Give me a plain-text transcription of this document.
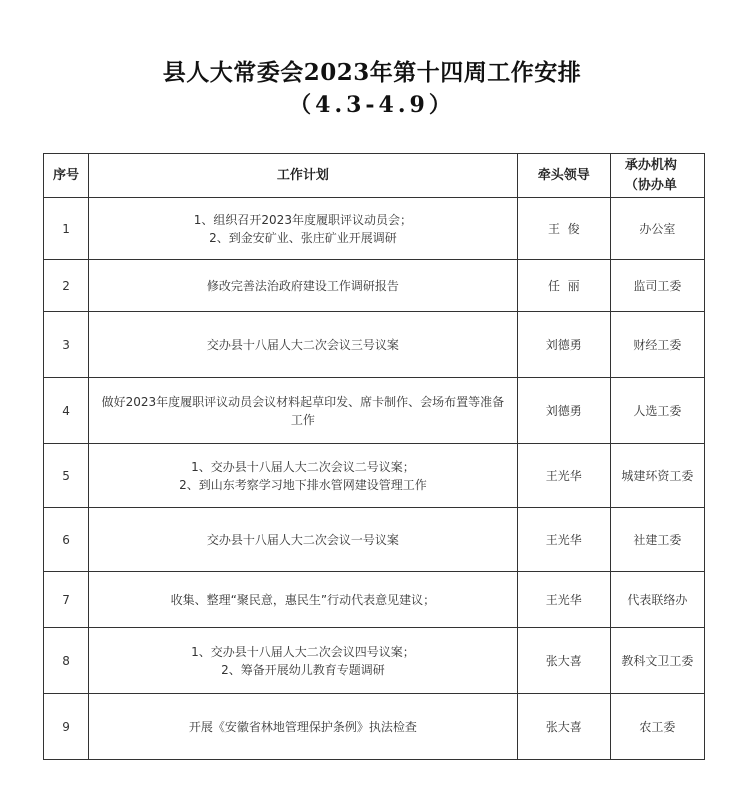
县人大常委会2023年第十四周工作安排
（4.3-4.9）
序号	工作计划	牵头领导	承办机构
（协办单

1	1、组织召开2023年度履职评议动员会；
2、到金安矿业、张庄矿业开展调研	王  俊	办公室
2	修改完善法治政府建设工作调研报告	任  丽	监司工委
3	交办县十八届人大二次会议三号议案	刘德勇	财经工委
4	做好2023年度履职评议动员会议材料起草印发、席卡制作、会场布置等准备
工作	刘德勇	人选工委
5	1、交办县十八届人大二次会议二号议案；
2、到山东考察学习地下排水管网建设管理工作	王光华	城建环资工委
6	交办县十八届人大二次会议一号议案	王光华	社建工委
7	收集、整理“聚民意，惠民生”行动代表意见建议；	王光华	代表联络办
8	1、交办县十八届人大二次会议四号议案；
2、筹备开展幼儿教育专题调研	张大喜	教科文卫工委
9	开展《安徽省林地管理保护条例》执法检查	张大喜	农工委
